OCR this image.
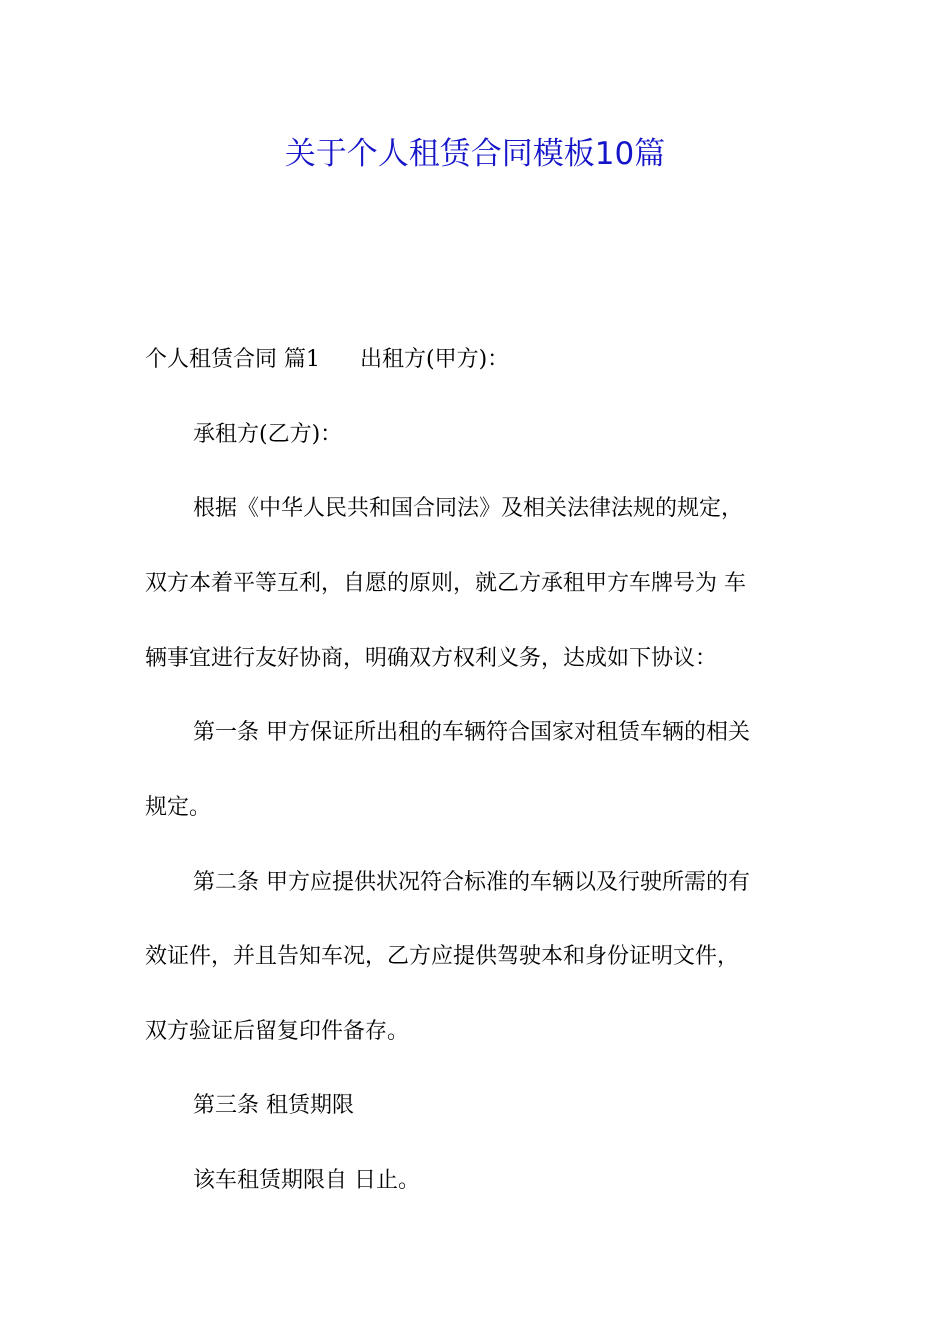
关于个人租赁合同模板10篇

个人租赁合同 篇1 出租方(甲方)：

承租方(乙方)：

根据《中华人民共和国合同法》及相关法律法规的规定，

双方本着平等互利，自愿的原则，就乙方承租甲方车牌号为 车

辆事宜进行友好协商，明确双方权利义务，达成如下协议：

第一条 甲方保证所出租的车辆符合国家对租赁车辆的相关

规定。

第二条 甲方应提供状况符合标准的车辆以及行驶所需的有

效证件，并且告知车况，乙方应提供驾驶本和身份证明文件，

双方验证后留复印件备存。

第三条 租赁期限

该车租赁期限自 日止。
